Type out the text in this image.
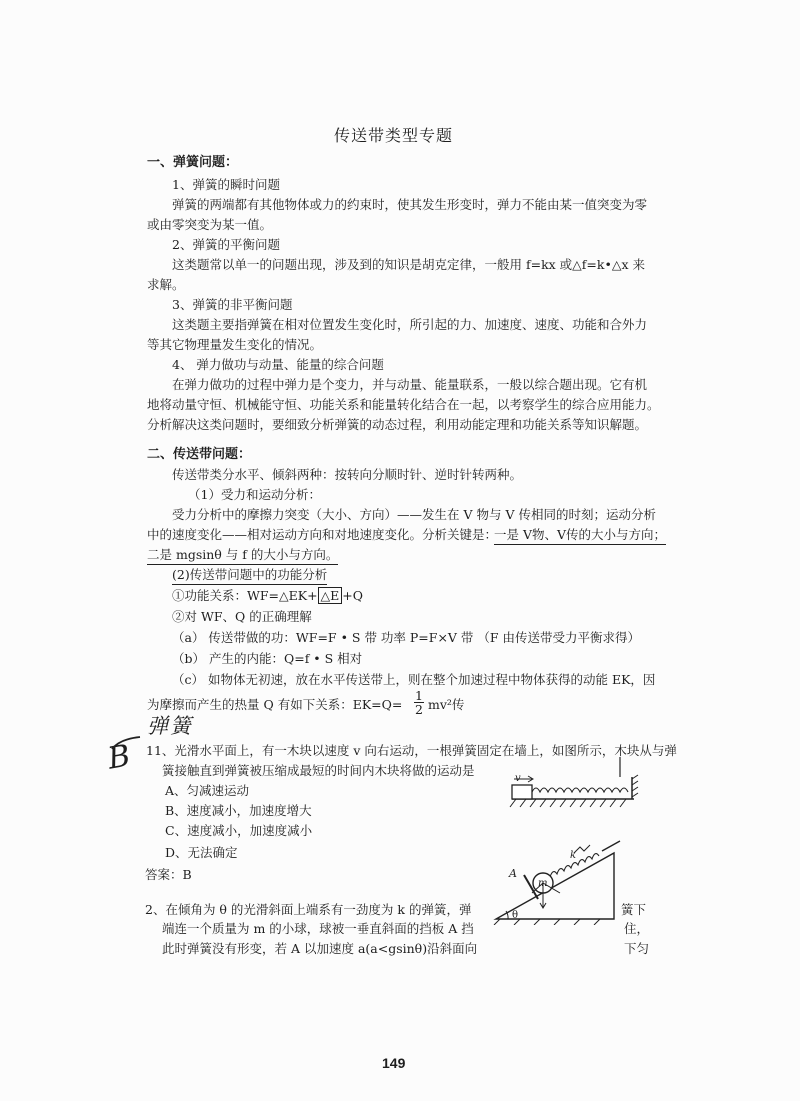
传送带类型专题
一、弹簧问题：
1、弹簧的瞬时问题
弹簧的两端都有其他物体或力的约束时，使其发生形变时，弹力不能由某一值突变为零
或由零突变为某一值。
2、弹簧的平衡问题
这类题常以单一的问题出现，涉及到的知识是胡克定律，一般用 f=kx 或△f=k•△x 来
求解。
3、弹簧的非平衡问题
这类题主要指弹簧在相对位置发生变化时，所引起的力、加速度、速度、功能和合外力
等其它物理量发生变化的情况。
4、 弹力做功与动量、能量的综合问题
在弹力做功的过程中弹力是个变力，并与动量、能量联系，一般以综合题出现。它有机
地将动量守恒、机械能守恒、功能关系和能量转化结合在一起，以考察学生的综合应用能力。
分析解决这类问题时，要细致分析弹簧的动态过程，利用动能定理和功能关系等知识解题。
二、传送带问题：
传送带类分水平、倾斜两种：按转向分顺时针、逆时针转两种。
（1）受力和运动分析：
受力分析中的摩擦力突变（大小、方向）——发生在 V 物与 V 传相同的时刻；运动分析
中的速度变化——相对运动方向和对地速度变化。分析关键是：
一是 V物、V传的大小与方向；
二是 mgsinθ 与 f 的大小与方向。
(2)传送带问题中的功能分析
①功能关系：WF=△EK+ △E +Q
②对 WF、Q 的正确理解
（a） 传送带做的功：WF=F • S 带 功率 P=F×V 带 （F 由传送带受力平衡求得）
（b） 产生的内能：Q=f • S 相对
（c） 如物体无初速，放在水平传送带上，则在整个加速过程中物体获得的动能 EK，因
为摩擦而产生的热量 Q 有如下关系：$EK=Q= \frac{1}{2} mv^2$传
弹簧
B 11、光滑水平面上，有一木块以速度 v 向右运动，一根弹簧固定在墙上，如图所示，木块从与弹
簧接触直到弹簧被压缩成最短的时间内木块将做的运动是
A、匀减速运动
B、速度减小，加速度增大
C、速度减小，加速度减小
D、无法确定
答案：B
v
2、在倾角为 θ 的光滑斜面上端系有一劲度为 k 的弹簧，弹
端连一个质量为 m 的小球，球被一垂直斜面的挡板 A 挡
此时弹簧没有形变，若 A 以加速度 a(a<gsinθ)沿斜面向
簧下
住，
下匀
A
m
k
θ
149
